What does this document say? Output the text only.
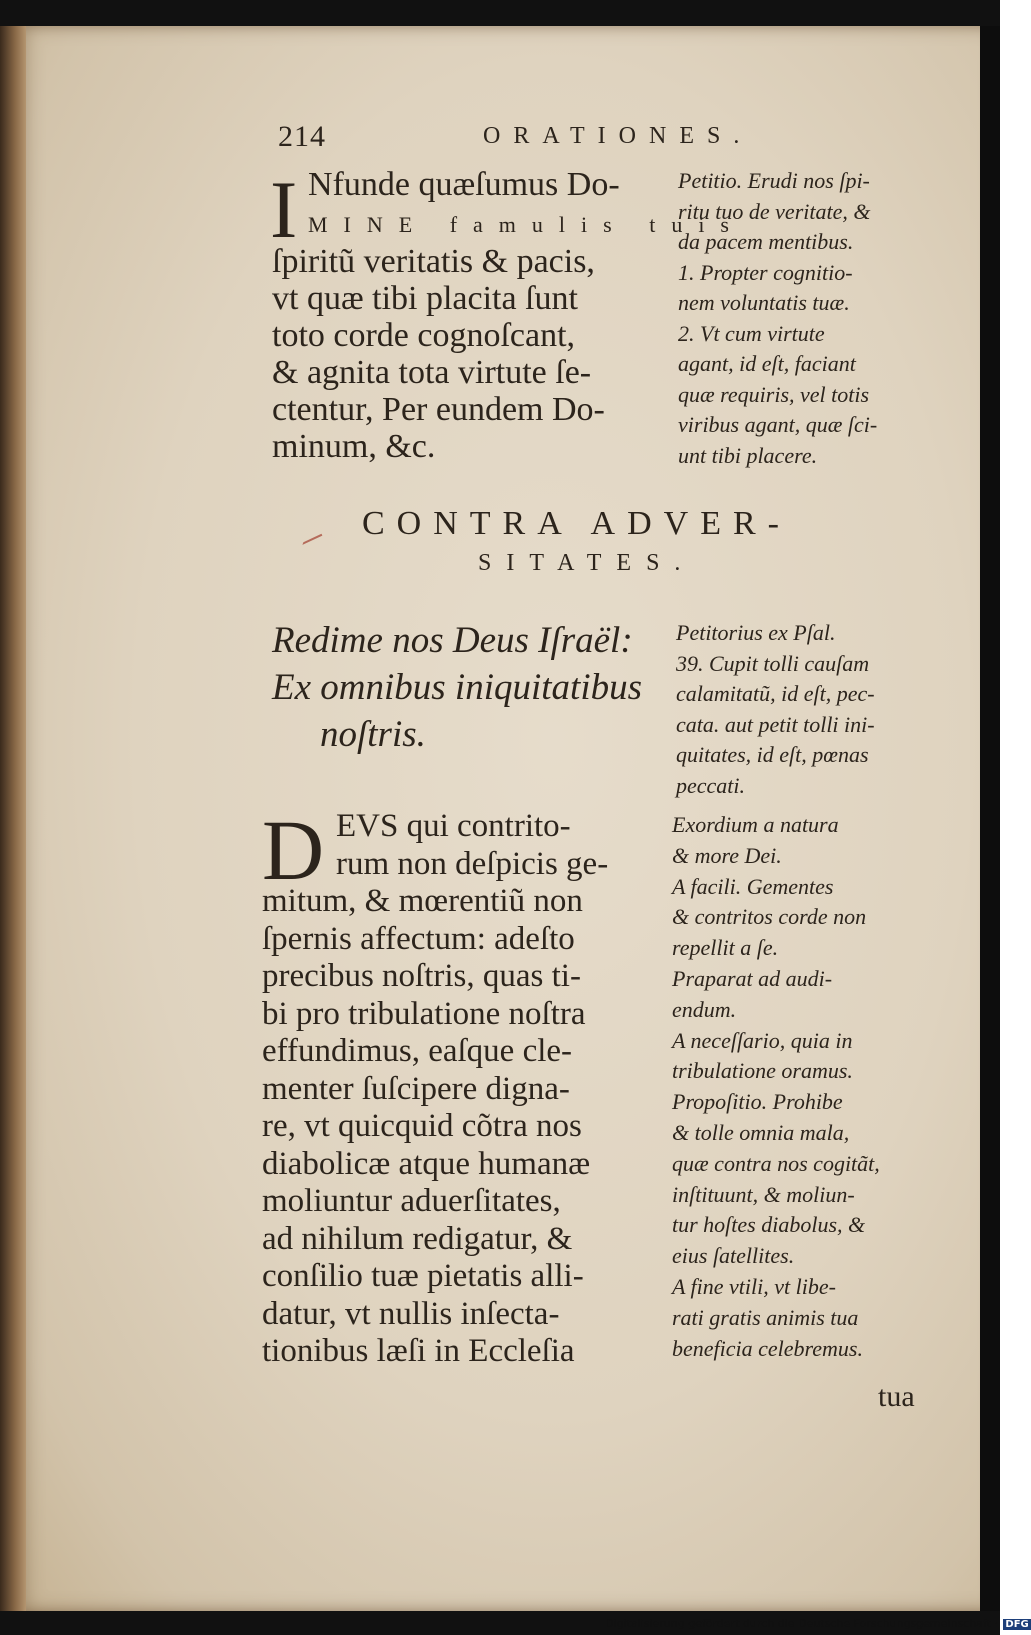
214	ORATIONES.
I Nfunde quæſumus Do-
MINE famulis tuis
ſpiritũ veritatis & pacis,
vt quæ tibi placita ſunt
toto corde cognoſcant,
& agnita tota virtute ſe-
ctentur, Per eundem Do-
minum, &c.
Petitio. Erudi nos ſpi-
ritu tuo de veritate, &
da pacem mentibus.
1. Propter cognitio-
nem voluntatis tuæ.
2. Vt cum virtute
agant, id eſt, faciant
quæ requiris, vel totis
viribus agant, quæ ſci-
unt tibi placere.
CONTRA ADVER-
SITATES.
Redime nos Deus Iſraël:
Ex omnibus iniquitatibus
noſtris.
Petitorius ex Pſal.
39. Cupit tolli cauſam
calamitatũ, id eſt, pec-
cata. aut petit tolli ini-
quitates, id eſt, pœnas
peccati.
D EVS qui contrito-
rum non deſpicis ge-
mitum, & mœrentiũ non
ſpernis affectum: adeſto
precibus noſtris, quas ti-
bi pro tribulatione noſtra
effundimus, eaſque cle-
menter ſuſcipere digna-
re, vt quicquid cõtra nos
diabolicæ atque humanæ
moliuntur aduerſitates,
ad nihilum redigatur, &
conſilio tuæ pietatis alli-
datur, vt nullis inſecta-
tionibus læſi in Eccleſia
Exordium a natura
& more Dei.
A facili. Gementes
& contritos corde non
repellit a ſe.
Praparat ad audi-
endum.
A neceſſario, quia in
tribulatione oramus.
Propoſitio. Prohibe
& tolle omnia mala,
quæ contra nos cogitãt,
inſtituunt, & moliun-
tur hoſtes diabolus, &
eius ſatellites.
A fine vtili, vt libe-
rati gratis animis tua
beneficia celebremus.
tua
Digitalisierung gefördert durch die Deutsche Forschungsgemeinschaft · DFG
